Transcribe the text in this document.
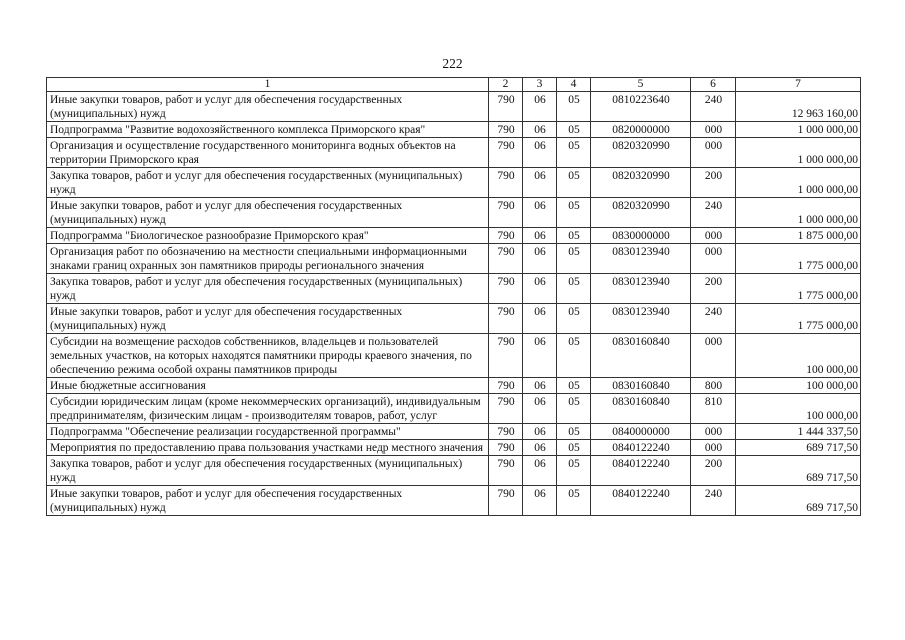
222
1	2	3	4	5	6	7
Иные закупки товаров, работ и услуг для обеспечения государственных (муниципальных) нужд	790	06	05	0810223640	240	12 963 160,00
Подпрограмма "Развитие водохозяйственного комплекса Приморского края"	790	06	05	0820000000	000	1 000 000,00
Организация и осуществление государственного мониторинга водных объектов на территории Приморского края	790	06	05	0820320990	000	1 000 000,00
Закупка товаров, работ и услуг для обеспечения государственных (муниципальных) нужд	790	06	05	0820320990	200	1 000 000,00
Иные закупки товаров, работ и услуг для обеспечения государственных (муниципальных) нужд	790	06	05	0820320990	240	1 000 000,00
Подпрограмма "Биологическое разнообразие Приморского края"	790	06	05	0830000000	000	1 875 000,00
Организация работ по обозначению на местности специальными информационными знаками границ охранных зон памятников природы регионального значения	790	06	05	0830123940	000	1 775 000,00
Закупка товаров, работ и услуг для обеспечения государственных (муниципальных) нужд	790	06	05	0830123940	200	1 775 000,00
Иные закупки товаров, работ и услуг для обеспечения государственных (муниципальных) нужд	790	06	05	0830123940	240	1 775 000,00
Субсидии на возмещение расходов собственников, владельцев и пользователей земельных участков, на которых находятся памятники природы краевого значения, по обеспечению режима особой охраны памятников природы	790	06	05	0830160840	000	100 000,00
Иные бюджетные ассигнования	790	06	05	0830160840	800	100 000,00
Субсидии юридическим лицам (кроме некоммерческих организаций), индивидуальным предпринимателям, физическим лицам - производителям товаров, работ, услуг	790	06	05	0830160840	810	100 000,00
Подпрограмма "Обеспечение реализации государственной программы"	790	06	05	0840000000	000	1 444 337,50
Мероприятия по предоставлению права пользования участками недр местного значения	790	06	05	0840122240	000	689 717,50
Закупка товаров, работ и услуг для обеспечения государственных (муниципальных) нужд	790	06	05	0840122240	200	689 717,50
Иные закупки товаров, работ и услуг для обеспечения государственных (муниципальных) нужд	790	06	05	0840122240	240	689 717,50
